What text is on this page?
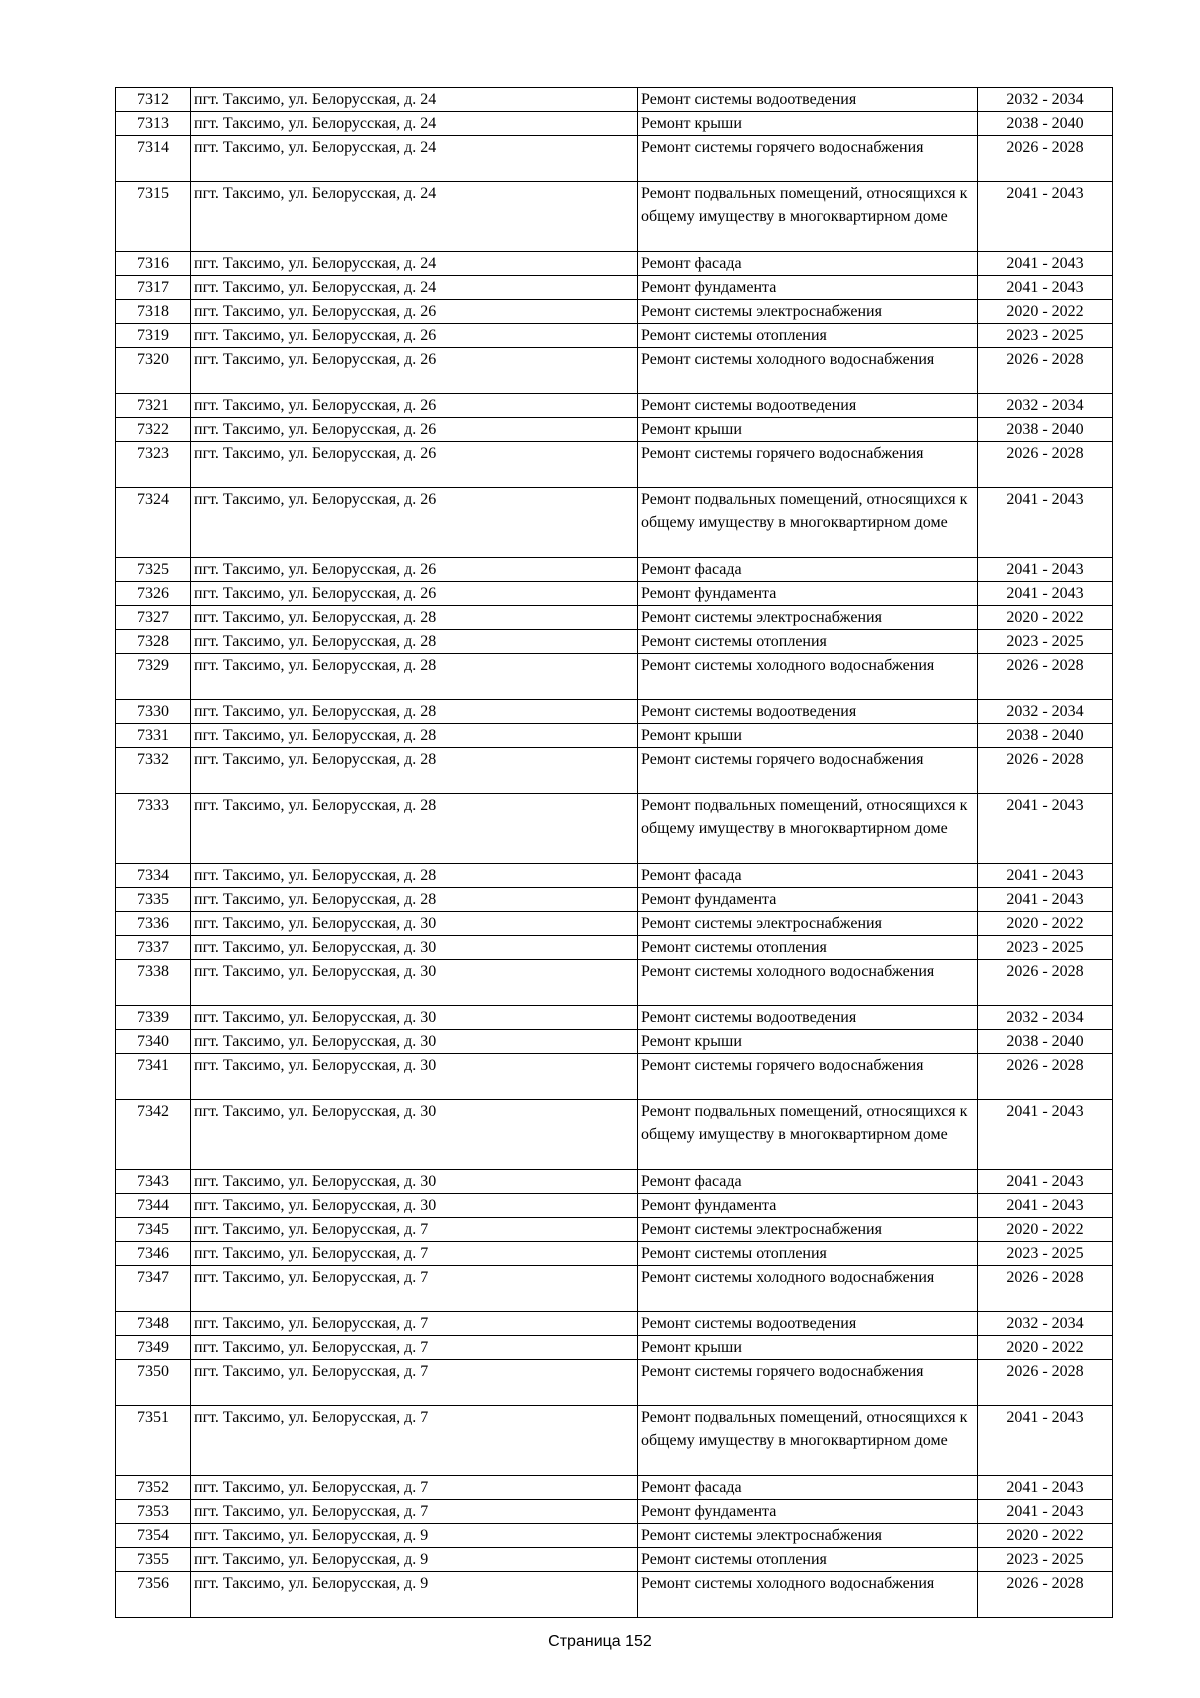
7312	пгт. Таксимо, ул. Белорусская, д. 24	Ремонт системы водоотведения	2032 - 2034
7313	пгт. Таксимо, ул. Белорусская, д. 24	Ремонт крыши	2038 - 2040
7314	пгт. Таксимо, ул. Белорусская, д. 24	Ремонт системы горячего водоснабжения	2026 - 2028
7315	пгт. Таксимо, ул. Белорусская, д. 24	Ремонт подвальных помещений, относящихся к общему имуществу в многоквартирном доме	2041 - 2043
7316	пгт. Таксимо, ул. Белорусская, д. 24	Ремонт фасада	2041 - 2043
7317	пгт. Таксимо, ул. Белорусская, д. 24	Ремонт фундамента	2041 - 2043
7318	пгт. Таксимо, ул. Белорусская, д. 26	Ремонт системы электроснабжения	2020 - 2022
7319	пгт. Таксимо, ул. Белорусская, д. 26	Ремонт системы отопления	2023 - 2025
7320	пгт. Таксимо, ул. Белорусская, д. 26	Ремонт системы холодного водоснабжения	2026 - 2028
7321	пгт. Таксимо, ул. Белорусская, д. 26	Ремонт системы водоотведения	2032 - 2034
7322	пгт. Таксимо, ул. Белорусская, д. 26	Ремонт крыши	2038 - 2040
7323	пгт. Таксимо, ул. Белорусская, д. 26	Ремонт системы горячего водоснабжения	2026 - 2028
7324	пгт. Таксимо, ул. Белорусская, д. 26	Ремонт подвальных помещений, относящихся к общему имуществу в многоквартирном доме	2041 - 2043
7325	пгт. Таксимо, ул. Белорусская, д. 26	Ремонт фасада	2041 - 2043
7326	пгт. Таксимо, ул. Белорусская, д. 26	Ремонт фундамента	2041 - 2043
7327	пгт. Таксимо, ул. Белорусская, д. 28	Ремонт системы электроснабжения	2020 - 2022
7328	пгт. Таксимо, ул. Белорусская, д. 28	Ремонт системы отопления	2023 - 2025
7329	пгт. Таксимо, ул. Белорусская, д. 28	Ремонт системы холодного водоснабжения	2026 - 2028
7330	пгт. Таксимо, ул. Белорусская, д. 28	Ремонт системы водоотведения	2032 - 2034
7331	пгт. Таксимо, ул. Белорусская, д. 28	Ремонт крыши	2038 - 2040
7332	пгт. Таксимо, ул. Белорусская, д. 28	Ремонт системы горячего водоснабжения	2026 - 2028
7333	пгт. Таксимо, ул. Белорусская, д. 28	Ремонт подвальных помещений, относящихся к общему имуществу в многоквартирном доме	2041 - 2043
7334	пгт. Таксимо, ул. Белорусская, д. 28	Ремонт фасада	2041 - 2043
7335	пгт. Таксимо, ул. Белорусская, д. 28	Ремонт фундамента	2041 - 2043
7336	пгт. Таксимо, ул. Белорусская, д. 30	Ремонт системы электроснабжения	2020 - 2022
7337	пгт. Таксимо, ул. Белорусская, д. 30	Ремонт системы отопления	2023 - 2025
7338	пгт. Таксимо, ул. Белорусская, д. 30	Ремонт системы холодного водоснабжения	2026 - 2028
7339	пгт. Таксимо, ул. Белорусская, д. 30	Ремонт системы водоотведения	2032 - 2034
7340	пгт. Таксимо, ул. Белорусская, д. 30	Ремонт крыши	2038 - 2040
7341	пгт. Таксимо, ул. Белорусская, д. 30	Ремонт системы горячего водоснабжения	2026 - 2028
7342	пгт. Таксимо, ул. Белорусская, д. 30	Ремонт подвальных помещений, относящихся к общему имуществу в многоквартирном доме	2041 - 2043
7343	пгт. Таксимо, ул. Белорусская, д. 30	Ремонт фасада	2041 - 2043
7344	пгт. Таксимо, ул. Белорусская, д. 30	Ремонт фундамента	2041 - 2043
7345	пгт. Таксимо, ул. Белорусская, д. 7	Ремонт системы электроснабжения	2020 - 2022
7346	пгт. Таксимо, ул. Белорусская, д. 7	Ремонт системы отопления	2023 - 2025
7347	пгт. Таксимо, ул. Белорусская, д. 7	Ремонт системы холодного водоснабжения	2026 - 2028
7348	пгт. Таксимо, ул. Белорусская, д. 7	Ремонт системы водоотведения	2032 - 2034
7349	пгт. Таксимо, ул. Белорусская, д. 7	Ремонт крыши	2020 - 2022
7350	пгт. Таксимо, ул. Белорусская, д. 7	Ремонт системы горячего водоснабжения	2026 - 2028
7351	пгт. Таксимо, ул. Белорусская, д. 7	Ремонт подвальных помещений, относящихся к общему имуществу в многоквартирном доме	2041 - 2043
7352	пгт. Таксимо, ул. Белорусская, д. 7	Ремонт фасада	2041 - 2043
7353	пгт. Таксимо, ул. Белорусская, д. 7	Ремонт фундамента	2041 - 2043
7354	пгт. Таксимо, ул. Белорусская, д. 9	Ремонт системы электроснабжения	2020 - 2022
7355	пгт. Таксимо, ул. Белорусская, д. 9	Ремонт системы отопления	2023 - 2025
7356	пгт. Таксимо, ул. Белорусская, д. 9	Ремонт системы холодного водоснабжения	2026 - 2028
Страница 152
